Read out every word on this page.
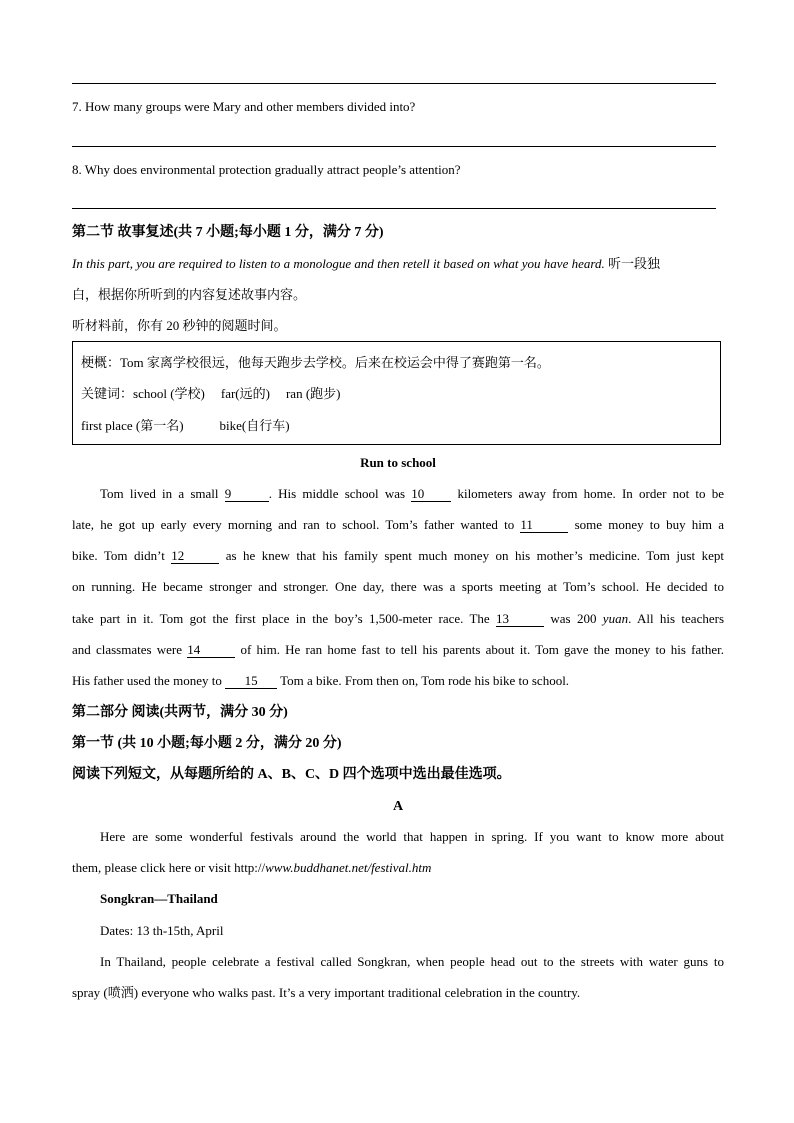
7. How many groups were Mary and other members divided into?
8. Why does environmental protection gradually attract people’s attention?
第二节 故事复述(共 7 小题;每小题 1 分，满分 7 分)
In this part, you are required to listen to a monologue and then retell it based on what you have heard. 听一段独
白，根据你所听到的内容复述故事内容。
听材料前，你有 20 秒钟的阅题时间。
梗概：Tom 家离学校很远，他每天跑步去学校。后来在校运会中得了赛跑第一名。
关键词：school (学校) far(远的) ran (跑步)
first place (第一名)	bike(自行车)
Run to school
Tom lived in a small 9	. His middle school was 10 kilometers away from home. In order not to be
late, he got up early every morning and ran to school. Tom’s father wanted to 11	some money to buy him a
bike. Tom didn’t 12	as he knew that his family spent much money on his mother’s medicine. Tom just kept
on running. He became stronger and stronger. One day, there was a sports meeting at Tom’s school. He decided to
take part in it. Tom got the first place in the boy’s 1,500-meter race. The 13	was 200 yuan. All his teachers
and classmates were 14	of him. He ran home fast to tell his parents about it. Tom gave the money to his father.
His father used the money to 15 Tom a bike. From then on, Tom rode his bike to school.
第二部分 阅读(共两节，满分 30 分)
第一节 (共 10 小题;每小题 2 分，满分 20 分)
阅读下列短文，从每题所给的 A、B、C、D 四个选项中选出最佳选项。
A
Here are some wonderful festivals around the world that happen in spring. If you want to know more about
them, please click here or visit http://www.buddhanet.net/festival.htm
Songkran—Thailand
Dates: 13 th-15th, April
In Thailand, people celebrate a festival called Songkran, when people head out to the streets with water guns to
spray (喷洒) everyone who walks past. It’s a very important traditional celebration in the country.
